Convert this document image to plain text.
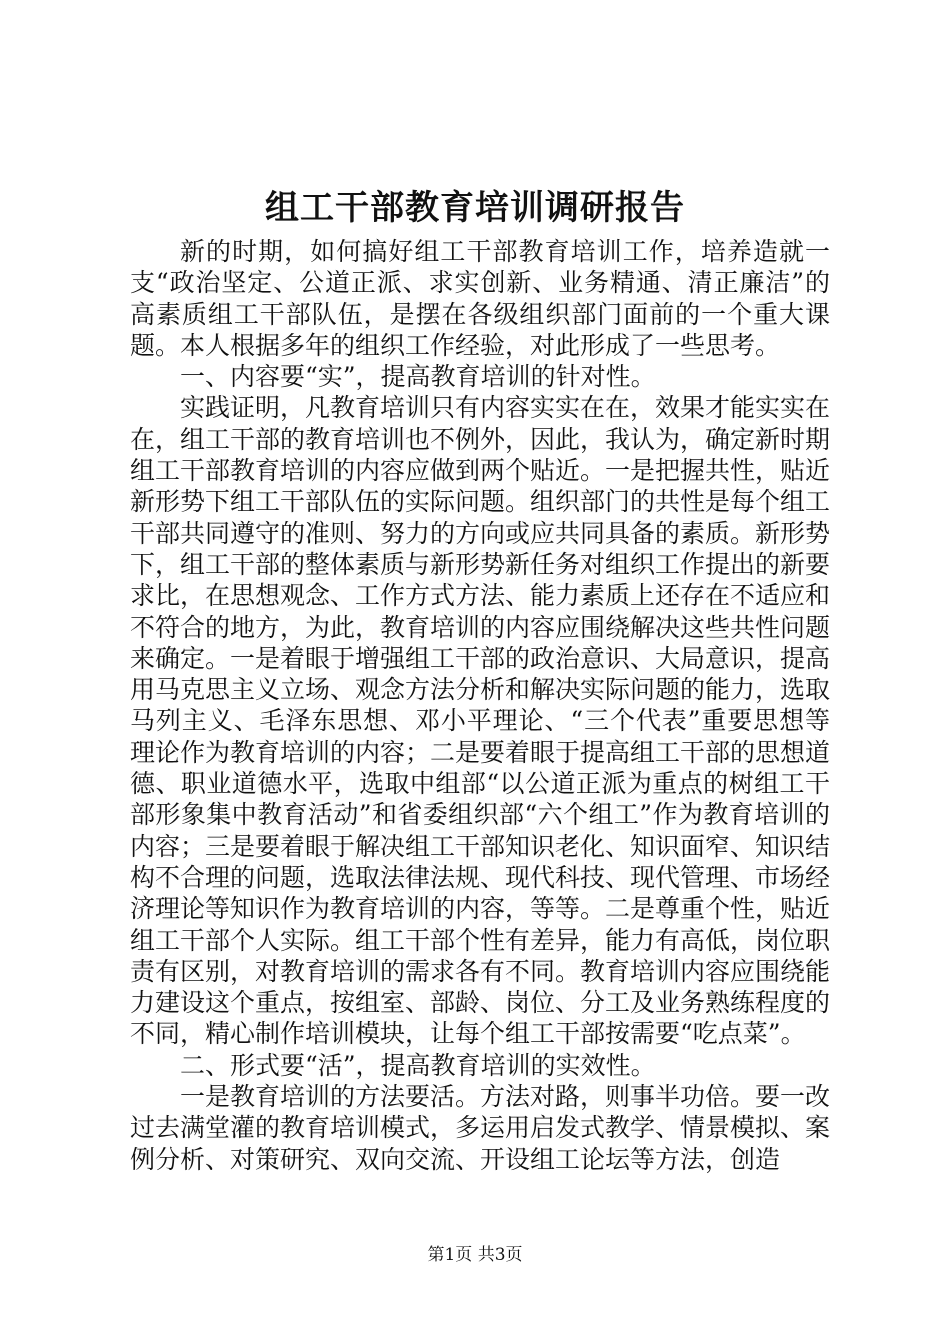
组工干部教育培训调研报告

新的时期，如何搞好组工干部教育培训工作，培养造就一支“政治坚定、公道正派、求实创新、业务精通、清正廉洁”的高素质组工干部队伍，是摆在各级组织部门面前的一个重大课题。本人根据多年的组织工作经验，对此形成了一些思考。

一、内容要“实”，提高教育培训的针对性。

实践证明，凡教育培训只有内容实实在在，效果才能实实在在，组工干部的教育培训也不例外，因此，我认为，确定新时期组工干部教育培训的内容应做到两个贴近。一是把握共性，贴近新形势下组工干部队伍的实际问题。组织部门的共性是每个组工干部共同遵守的准则、努力的方向或应共同具备的素质。新形势下，组工干部的整体素质与新形势新任务对组织工作提出的新要求比，在思想观念、工作方式方法、能力素质上还存在不适应和不符合的地方，为此，教育培训的内容应围绕解决这些共性问题来确定。一是着眼于增强组工干部的政治意识、大局意识，提高用马克思主义立场、观念方法分析和解决实际问题的能力，选取马列主义、毛泽东思想、邓小平理论、“三个代表”重要思想等理论作为教育培训的内容；二是要着眼于提高组工干部的思想道德、职业道德水平，选取中组部“以公道正派为重点的树组工干部形象集中教育活动”和省委组织部“六个组工”作为教育培训的内容；三是要着眼于解决组工干部知识老化、知识面窄、知识结构不合理的问题，选取法律法规、现代科技、现代管理、市场经济理论等知识作为教育培训的内容，等等。二是尊重个性，贴近组工干部个人实际。组工干部个性有差异，能力有高低，岗位职责有区别，对教育培训的需求各有不同。教育培训内容应围绕能力建设这个重点，按组室、部龄、岗位、分工及业务熟练程度的不同，精心制作培训模块，让每个组工干部按需要“吃点菜”。

二、形式要“活”，提高教育培训的实效性。

一是教育培训的方法要活。方法对路，则事半功倍。要一改过去满堂灌的教育培训模式，多运用启发式教学、情景模拟、案例分析、对策研究、双向交流、开设组工论坛等方法，创造

第1页 共3页
